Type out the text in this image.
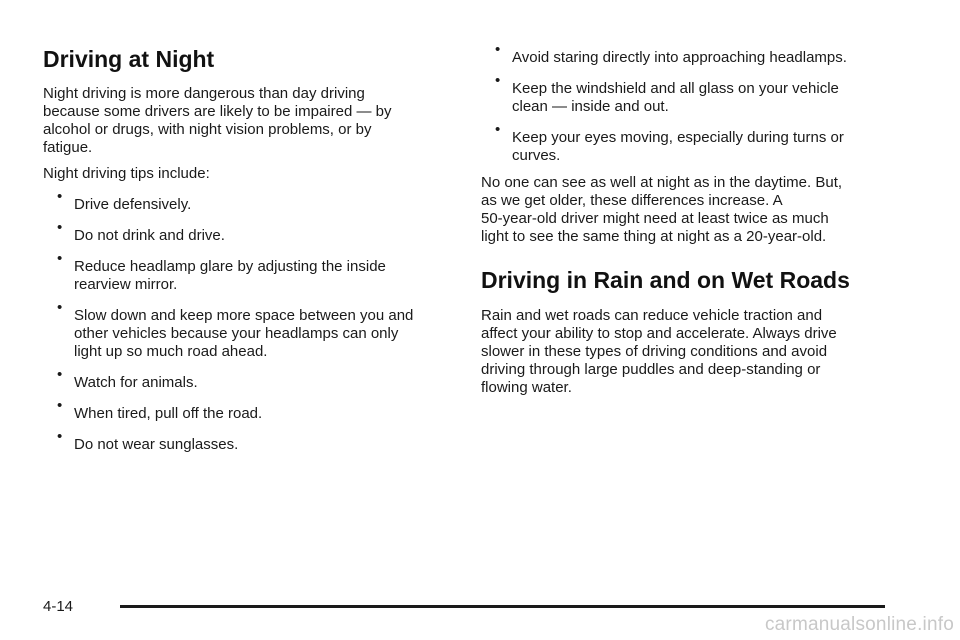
Driving at Night

Night driving is more dangerous than day driving
because some drivers are likely to be impaired — by
alcohol or drugs, with night vision problems, or by
fatigue.

Night driving tips include:

• Drive defensively.
• Do not drink and drive.
• Reduce headlamp glare by adjusting the inside
rearview mirror.
• Slow down and keep more space between you and
other vehicles because your headlamps can only
light up so much road ahead.
• Watch for animals.
• When tired, pull off the road.
• Do not wear sunglasses.
• Avoid staring directly into approaching headlamps.
• Keep the windshield and all glass on your vehicle
clean — inside and out.
• Keep your eyes moving, especially during turns or
curves.

No one can see as well at night as in the daytime. But,
as we get older, these differences increase. A
50-year-old driver might need at least twice as much
light to see the same thing at night as a 20-year-old.

Driving in Rain and on Wet Roads

Rain and wet roads can reduce vehicle traction and
affect your ability to stop and accelerate. Always drive
slower in these types of driving conditions and avoid
driving through large puddles and deep-standing or
flowing water.

4-14
carmanualsonline.info
